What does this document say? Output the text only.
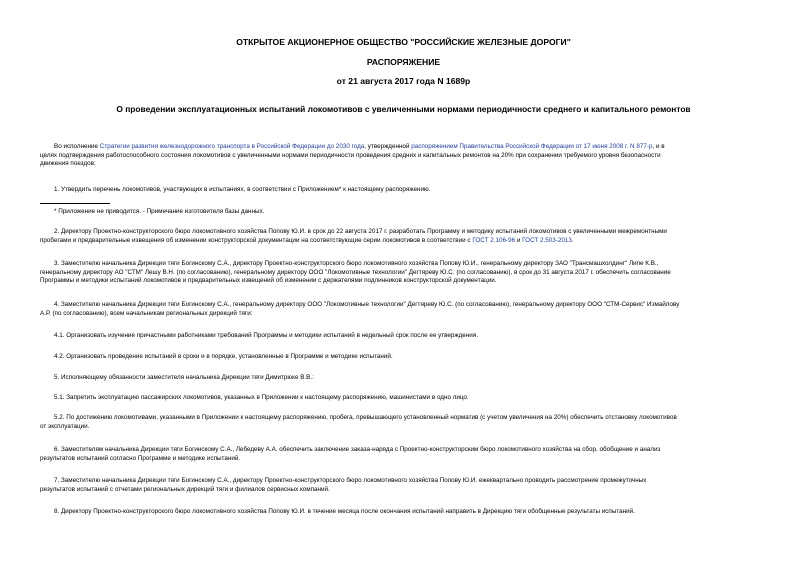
ОТКРЫТОЕ АКЦИОНЕРНОЕ ОБЩЕСТВО "РОССИЙСКИЕ ЖЕЛЕЗНЫЕ ДОРОГИ"
РАСПОРЯЖЕНИЕ
от 21 августа 2017 года N 1689р
О проведении эксплуатационных испытаний локомотивов с увеличенными нормами периодичности среднего и капитального ремонтов
Во исполнение Стратегии развития железнодорожного транспорта в Российской Федерации до 2030 года, утвержденной распоряжением Правительства Российской Федерации от 17 июня 2008 г. N 877-р, и в
целях подтверждения работоспособного состояния локомотивов с увеличенными нормами периодичности проведения средних и капитальных ремонтов на 20% при сохранении требуемого уровня безопасности
движения поездов:
1. Утвердить перечень локомотивов, участвующих в испытаниях, в соответствии с Приложением* к настоящему распоряжению.
* Приложение не приводится. - Примечание изготовителя базы данных.
2. Директору Проектно-конструкторского бюро локомотивного хозяйства Попову Ю.И. в срок до 22 августа 2017 г. разработать Программу и методику испытаний локомотивов с увеличенными межремонтными
пробегами и предварительные извещения об изменении конструкторской документации на соответствующие серии локомотивов в соответствии с ГОСТ 2.106-96 и ГОСТ 2.503-2013.
3. Заместителю начальника Дирекции тяги Богинскому С.А., директору Проектно-конструкторского бюро локомотивного хозяйства Попову Ю.И., генеральному директору ЗАО "Трансмашхолдинг" Липе К.В.,
генеральному директору АО "СТМ" Лешу В.Н. (по согласованию), генеральному директору ООО "Локомотивные технологии" Дегтяреву Ю.С. (по согласованию), в срок до 31 августа 2017 г. обеспечить согласование
Программы и методики испытаний локомотивов и предварительных извещений об изменении с держателями подлинников конструкторской документации.
4. Заместителю начальника Дирекции тяги Богинскому С.А., генеральному директору ООО "Локомотивные технологии" Дегтяреву Ю.С. (по согласованию), генеральному директору ООО "СТМ-Сервис" Измайлову
А.Р. (по согласованию), всем начальникам региональных дирекций тяги:
4.1. Организовать изучение причастными работниками требований Программы и методики испытаний в недельный срок после ее утверждения.
4.2. Организовать проведение испытаний в сроки и в порядке, установленные в Программе и методике испытаний.
5. Исполняющему обязанности заместителя начальника Дирекции тяги Димитрюке В.В.:
5.1. Запретить эксплуатацию пассажирских локомотивов, указанных в Приложении к настоящему распоряжению, машинистами в одно лицо.
5.2. По достижению локомотивами, указанными в Приложении к настоящему распоряжению, пробега, превышающего установленный норматив (с учетом увеличения на 20%) обеспечить отстановку локомотивов
от эксплуатации.
6. Заместителям начальника Дирекции тяги Богинскому С.А., Лебедеву А.А. обеспечить заключение заказа-наряда с Проектно-конструкторским бюро локомотивного хозяйства на сбор, обобщение и анализ
результатов испытаний согласно Программе и методике испытаний.
7. Заместителю начальника Дирекции тяги Богинскому С.А., директору Проектно-конструкторского бюро локомотивного хозяйства Попову Ю.И. ежеквартально проводить рассмотрение промежуточных
результатов испытаний с отчетами региональных дирекций тяги и филиалов сервисных компаний.
8. Директору Проектно-конструкторского бюро локомотивного хозяйства Попову Ю.И. в течение месяца после окончания испытаний направить в Дирекцию тяги обобщенные результаты испытаний.
